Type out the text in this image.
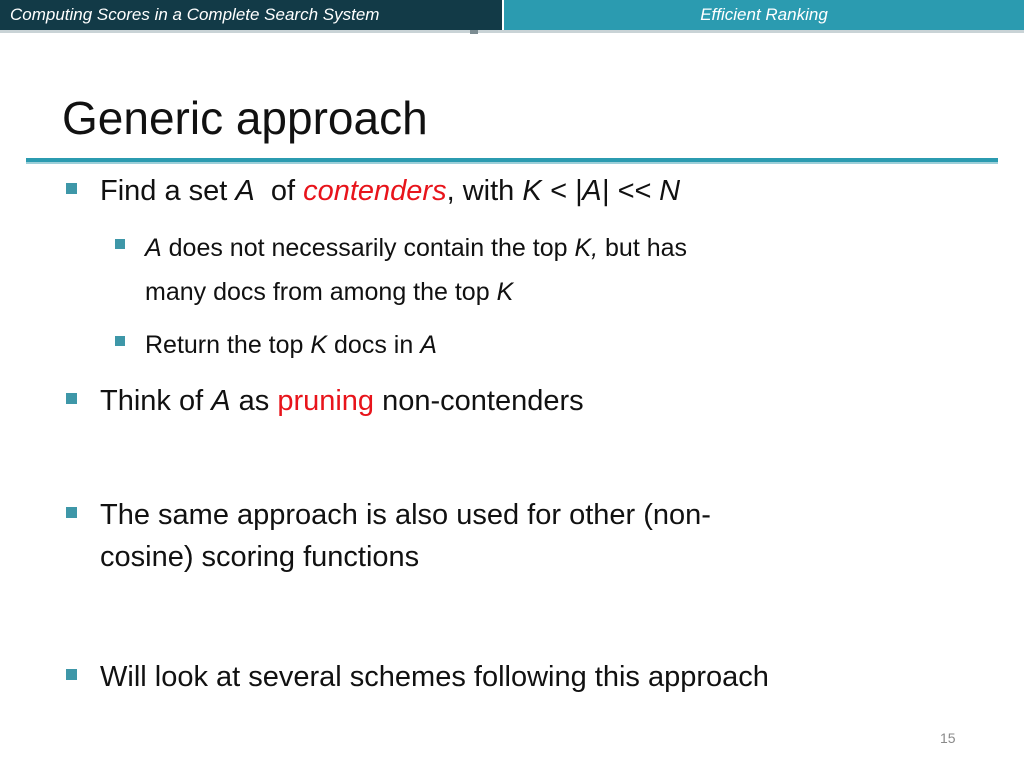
Computing Scores in a Complete Search System	Efficient Ranking
Generic approach
Find a set A  of contenders, with K < |A| << N
A does not necessarily contain the top K, but has
many docs from among the top K
Return the top K docs in A
Think of A as pruning non-contenders
The same approach is also used for other (non-
cosine) scoring functions
Will look at several schemes following this approach
15
